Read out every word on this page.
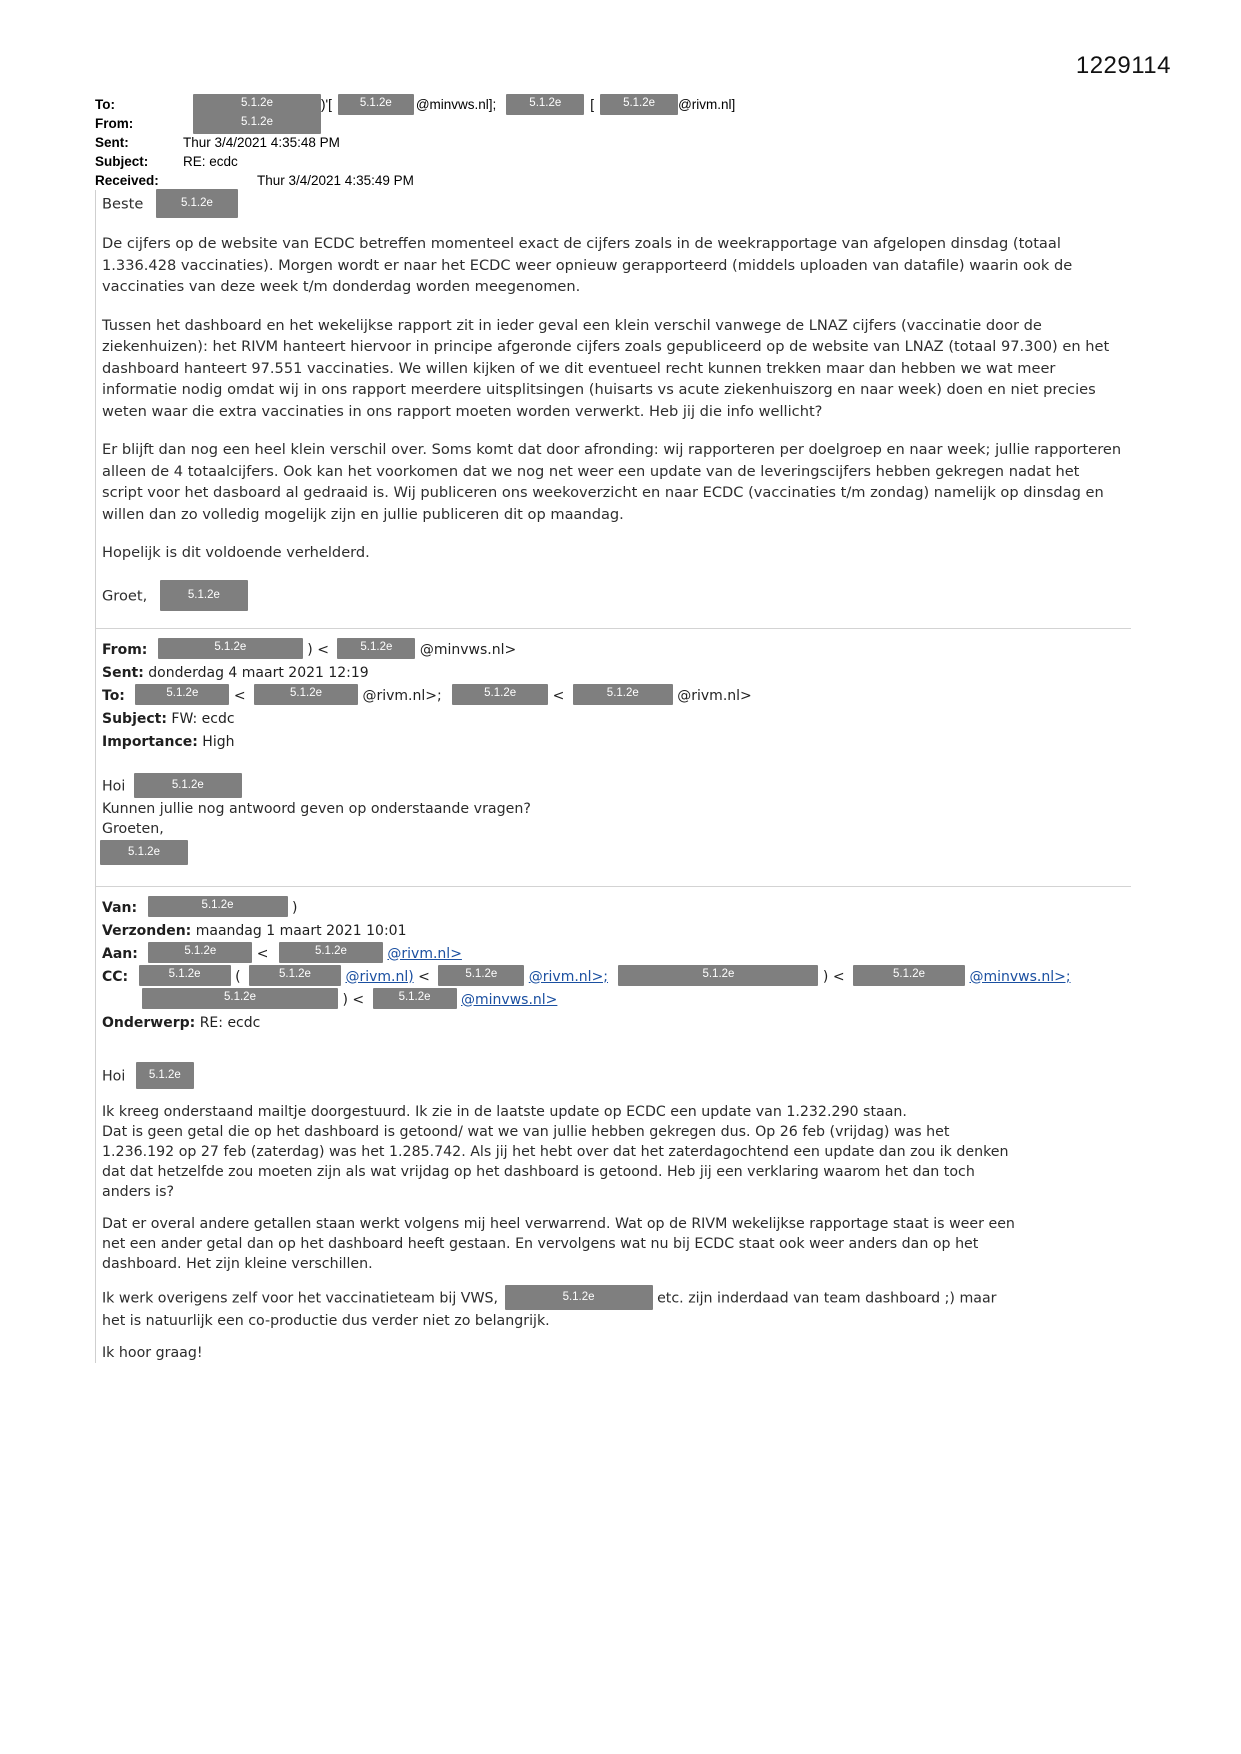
1229114
To:	5.1.2e	)'[	5.1.2e	@minvws.nl];	5.1.2e	[	5.1.2e	@rivm.nl]
From:	5.1.2e
Sent:	Thur 3/4/2021 4:35:48 PM
Subject:	RE: ecdc
Received:	Thur 3/4/2021 4:35:49 PM
Beste	5.1.2e

De cijfers op de website van ECDC betreffen momenteel exact de cijfers zoals in de weekrapportage van afgelopen dinsdag (totaal 1.336.428 vaccinaties). Morgen wordt er naar het ECDC weer opnieuw gerapporteerd (middels uploaden van datafile) waarin ook de vaccinaties van deze week t/m donderdag worden meegenomen.

Tussen het dashboard en het wekelijkse rapport zit in ieder geval een klein verschil vanwege de LNAZ cijfers (vaccinatie door de ziekenhuizen): het RIVM hanteert hiervoor in principe afgeronde cijfers zoals gepubliceerd op de website van LNAZ (totaal 97.300) en het dashboard hanteert 97.551 vaccinaties. We willen kijken of we dit eventueel recht kunnen trekken maar dan hebben we wat meer informatie nodig omdat wij in ons rapport meerdere uitsplitsingen (huisarts vs acute ziekenhuiszorg en naar week) doen en niet precies weten waar die extra vaccinaties in ons rapport moeten worden verwerkt. Heb jij die info wellicht?

Er blijft dan nog een heel klein verschil over. Soms komt dat door afronding: wij rapporteren per doelgroep en naar week; jullie rapporteren alleen de 4 totaalcijfers. Ook kan het voorkomen dat we nog net weer een update van de leveringscijfers hebben gekregen nadat het script voor het dasboard al gedraaid is. Wij publiceren ons weekoverzicht en naar ECDC (vaccinaties t/m zondag) namelijk op dinsdag en willen dan zo volledig mogelijk zijn en jullie publiceren dit op maandag.

Hopelijk is dit voldoende verhelderd.

Groet,	5.1.2e
From:	5.1.2e	) <	5.1.2e @minvws.nl>
Sent: donderdag 4 maart 2021 12:19
To:	5.1.2e	<	5.1.2e	@rivm.nl>;	5.1.2e	<	5.1.2e	@rivm.nl>
Subject: FW: ecdc
Importance: High
Hoi	5.1.2e
Kunnen jullie nog antwoord geven op onderstaande vragen?
Groeten,
5.1.2e
Van:	5.1.2e	)
Verzonden: maandag 1 maart 2021 10:01
Aan:	5.1.2e	<	5.1.2e	@rivm.nl>
CC:	5.1.2e (	5.1.2e @rivm.nl) <	5.1.2e @rivm.nl>;	5.1.2e	) <	5.1.2e	@minvws.nl>;
5.1.2e	) <	5.1.2e @minvws.nl>
Onderwerp: RE: ecdc
Hoi 5.1.2e
Ik kreeg onderstaand mailtje doorgestuurd. Ik zie in de laatste update op ECDC een update van 1.232.290 staan.
Dat is geen getal die op het dashboard is getoond/ wat we van jullie hebben gekregen dus. Op 26 feb (vrijdag) was het
1.236.192 op 27 feb (zaterdag) was het 1.285.742. Als jij het hebt over dat het zaterdagochtend een update dan zou ik denken
dat dat hetzelfde zou moeten zijn als wat vrijdag op het dashboard is getoond. Heb jij een verklaring waarom het dan toch
anders is?
Dat er overal andere getallen staan werkt volgens mij heel verwarrend. Wat op de RIVM wekelijkse rapportage staat is weer een
net een ander getal dan op het dashboard heeft gestaan. En vervolgens wat nu bij ECDC staat ook weer anders dan op het
dashboard. Het zijn kleine verschillen.
Ik werk overigens zelf voor het vaccinatieteam bij VWS,	5.1.2e	etc. zijn inderdaad van team dashboard ;) maar
het is natuurlijk een co-productie dus verder niet zo belangrijk.
Ik hoor graag!
